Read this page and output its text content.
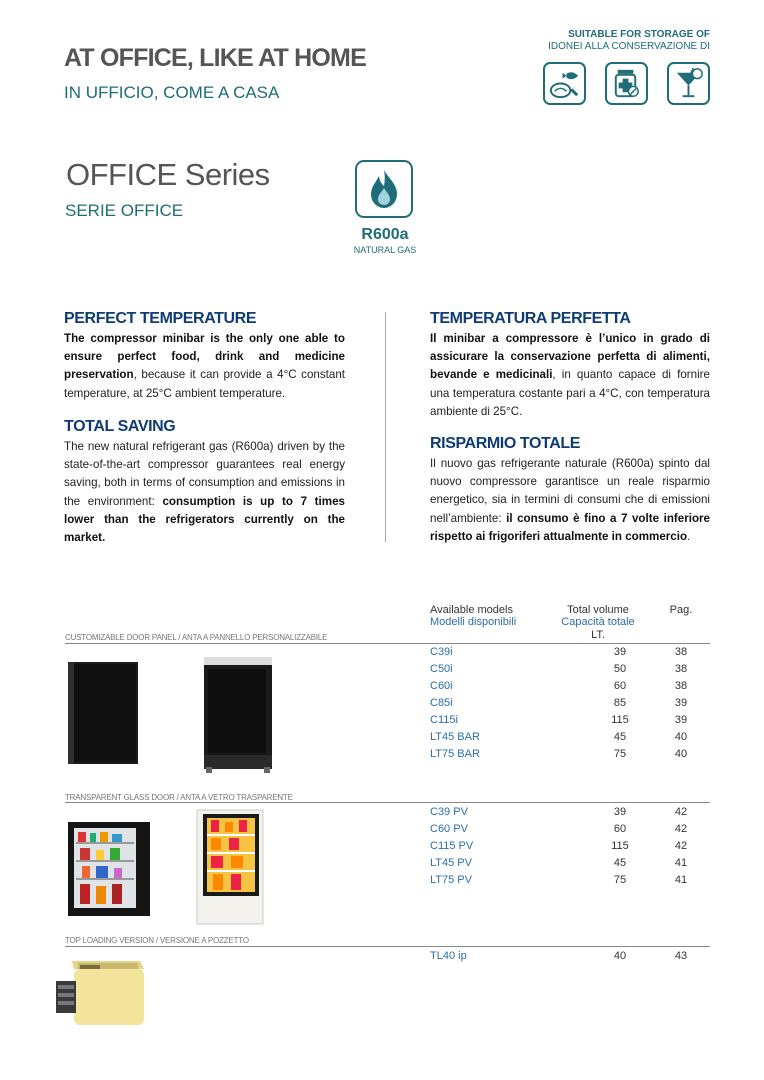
AT OFFICE, LIKE AT HOME
IN UFFICIO, COME A CASA
SUITABLE FOR STORAGE OF
IDONEI ALLA CONSERVAZIONE DI
OFFICE Series
SERIE OFFICE
R600a
NATURAL GAS
PERFECT TEMPERATURE
The compressor minibar is the only one able to ensure perfect food, drink and medicine preservation, because it can provide a 4°C constant temperature, at 25°C ambient temperature.
TOTAL SAVING
The new natural refrigerant gas (R600a) driven by the state-of-the-art compressor guarantees real energy saving, both in terms of consumption and emissions in the environment: consumption is up to 7 times lower than the refrigerators currently on the market.
TEMPERATURA PERFETTA
Il minibar a compressore è l’unico in grado di assicurare la conservazione perfetta di alimenti, bevande e medicinali, in quanto capace di fornire una temperatura costante pari a 4°C, con temperatura ambiente di 25°C.
RISPARMIO TOTALE
Il nuovo gas refrigerante naturale (R600a) spinto dal nuovo compressore garantisce un reale risparmio energetico, sia in termini di consumi che di emissioni nell’ambiente: il consumo è fino a 7 volte inferiore rispetto ai frigoriferi attualmente in commercio.
Available models
Modelli disponibili
Total volume
Capacità totale
LT.
Pag.
CUSTOMIZABLE DOOR PANEL / ANTA A PANNELLO PERSONALIZZABILE
C39i	39	38
C50i	50	38
C60i	60	38
C85i	85	39
C115i	115	39
LT45 BAR	45	40
LT75 BAR	75	40
TRANSPARENT GLASS DOOR / ANTA A VETRO TRASPARENTE
C39 PV	39	42
C60 PV	60	42
C115 PV	115	42
LT45 PV	45	41
LT75 PV	75	41
TOP LOADING VERSION / VERSIONE A POZZETTO
TL40 ip	40	43
